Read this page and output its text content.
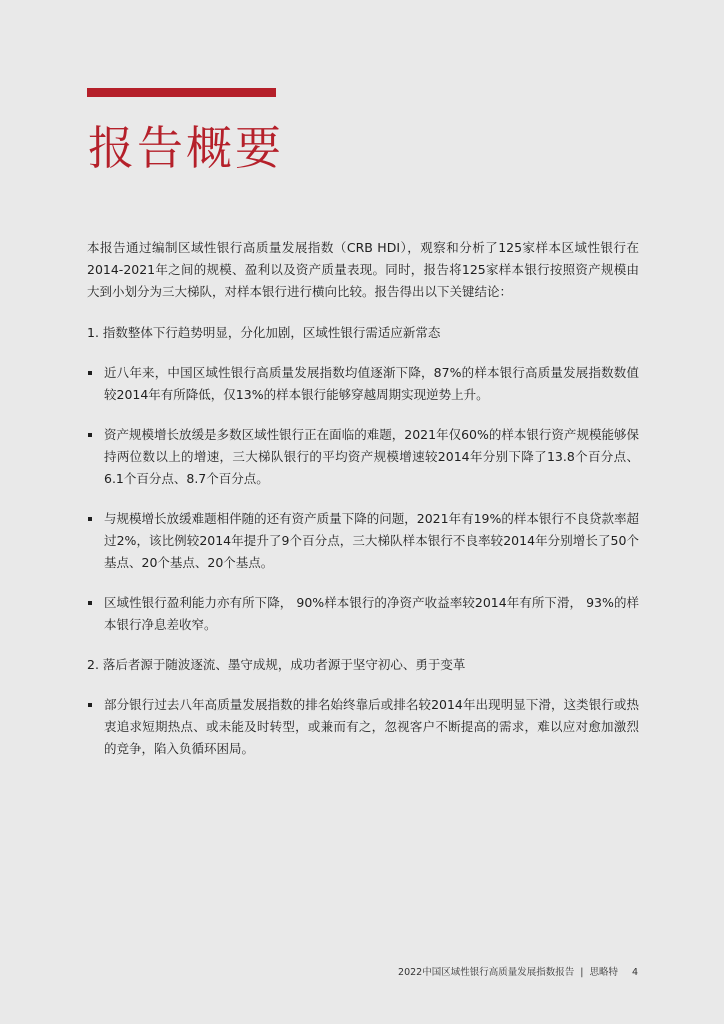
报告概要

本报告通过编制区域性银行高质量发展指数（CRB HDI），观察和分析了125家样本区域性银行在2014-2021年之间的规模、盈利以及资产质量表现。同时，报告将125家样本银行按照资产规模由大到小划分为三大梯队，对样本银行进行横向比较。报告得出以下关键结论：

1. 指数整体下行趋势明显，分化加剧，区域性银行需适应新常态

近八年来，中国区域性银行高质量发展指数均值逐渐下降，87%的样本银行高质量发展指数数值较2014年有所降低，仅13%的样本银行能够穿越周期实现逆势上升。
资产规模增长放缓是多数区域性银行正在面临的难题，2021年仅60%的样本银行资产规模能够保持两位数以上的增速，三大梯队银行的平均资产规模增速较2014年分别下降了13.8个百分点、6.1个百分点、8.7个百分点。
与规模增长放缓难题相伴随的还有资产质量下降的问题，2021年有19%的样本银行不良贷款率超过2%，该比例较2014年提升了9个百分点，三大梯队样本银行不良率较2014年分别增长了50个基点、20个基点、20个基点。
区域性银行盈利能力亦有所下降， 90%样本银行的净资产收益率较2014年有所下滑， 93%的样本银行净息差收窄。

2. 落后者源于随波逐流、墨守成规，成功者源于坚守初心、勇于变革

部分银行过去八年高质量发展指数的排名始终靠后或排名较2014年出现明显下滑，这类银行或热衷追求短期热点、或未能及时转型，或兼而有之，忽视客户不断提高的需求，难以应对愈加激烈的竞争，陷入负循环困局。
2022中国区域性银行高质量发展指数报告 | 思略特 4
